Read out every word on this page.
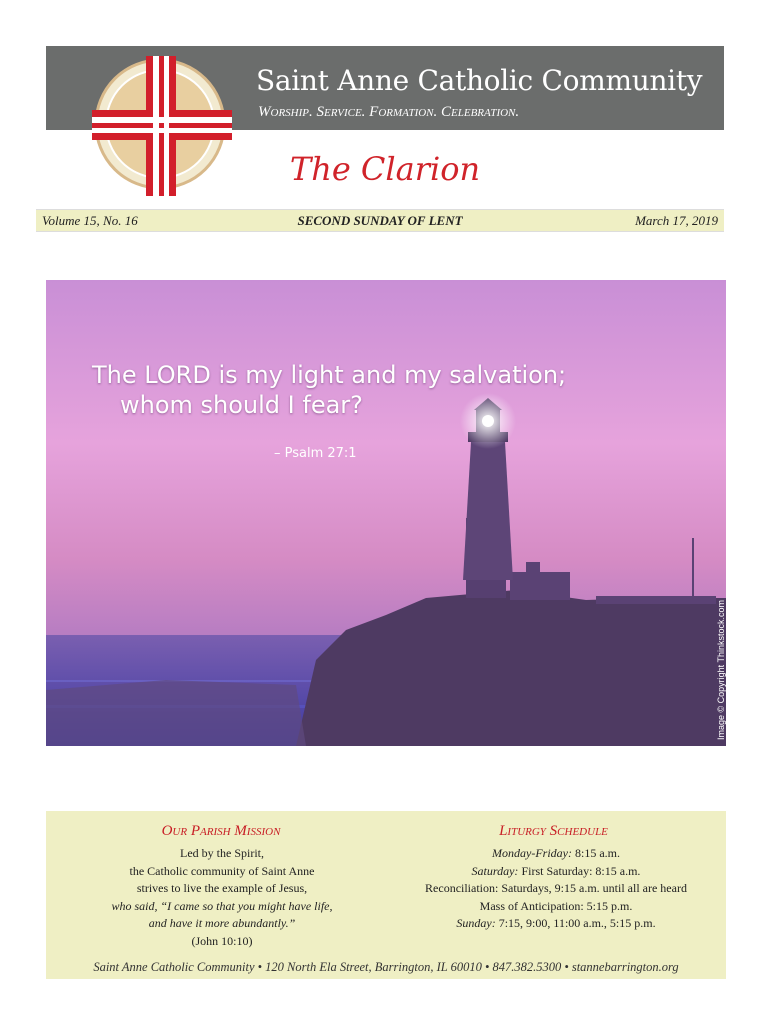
Saint Anne Catholic Community
Worship. Service. Formation. Celebration.
The Clarion
Volume 15, No. 16	SECOND SUNDAY OF LENT	March 17, 2019
The LORD is my light and my salvation;
whom should I fear?
– Psalm 27:1
Image © Copyright Thinkstock.com
Our Parish Mission	Liturgy Schedule
Led by the Spirit,
the Catholic community of Saint Anne
strives to live the example of Jesus,
who said, “I came so that you might have life,
and have it more abundantly.”
(John 10:10)
Monday-Friday: 8:15 a.m.
Saturday: First Saturday: 8:15 a.m.
Reconciliation: Saturdays, 9:15 a.m. until all are heard
Mass of Anticipation: 5:15 p.m.
Sunday: 7:15, 9:00, 11:00 a.m., 5:15 p.m.
Saint Anne Catholic Community • 120 North Ela Street, Barrington, IL 60010 • 847.382.5300 • stannebarrington.org
